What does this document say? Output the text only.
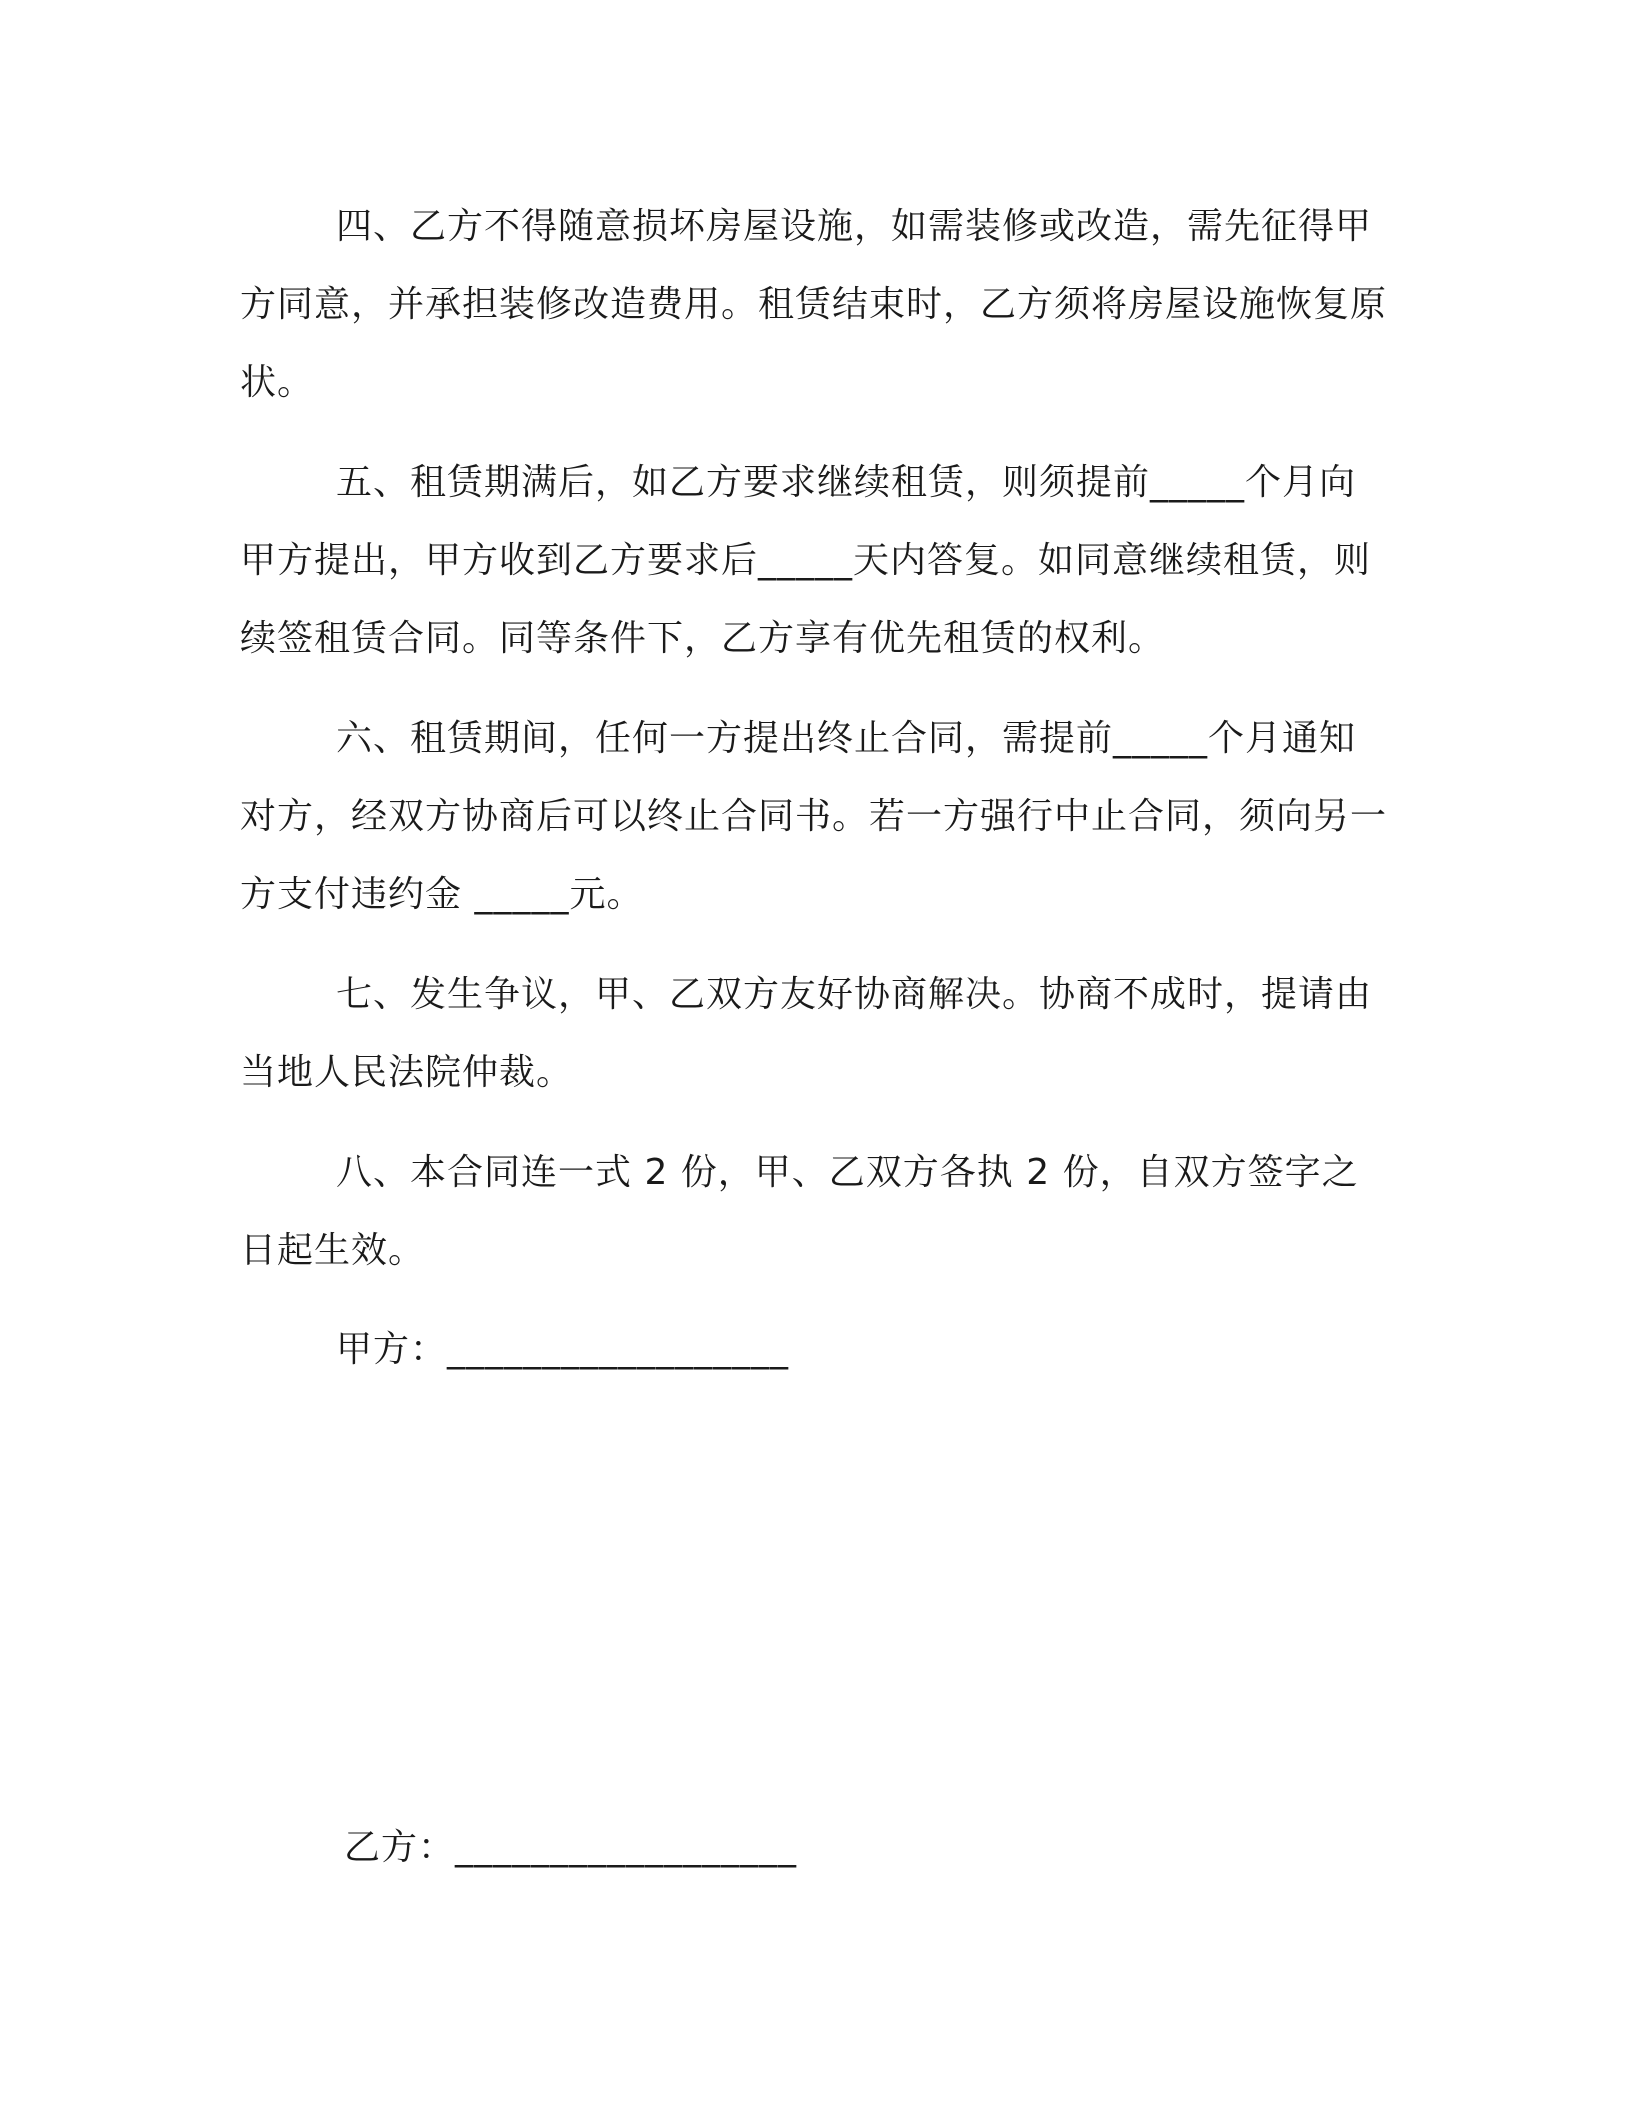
四、乙方不得随意损坏房屋设施，如需装修或改造，需先征得甲方同意，并承担装修改造费用。租赁结束时，乙方须将房屋设施恢复原状。

五、租赁期满后，如乙方要求继续租赁，则须提前_____个月向甲方提出，甲方收到乙方要求后_____天内答复。如同意继续租赁，则续签租赁合同。同等条件下，乙方享有优先租赁的权利。

六、租赁期间，任何一方提出终止合同，需提前_____个月通知对方，经双方协商后可以终止合同书。若一方强行中止合同，须向另一方支付违约金 _____元。

七、发生争议，甲、乙双方友好协商解决。协商不成时，提请由当地人民法院仲裁。

八、本合同连一式 2 份，甲、乙双方各执 2 份，自双方签字之日起生效。

甲方：__________________
乙方：__________________
